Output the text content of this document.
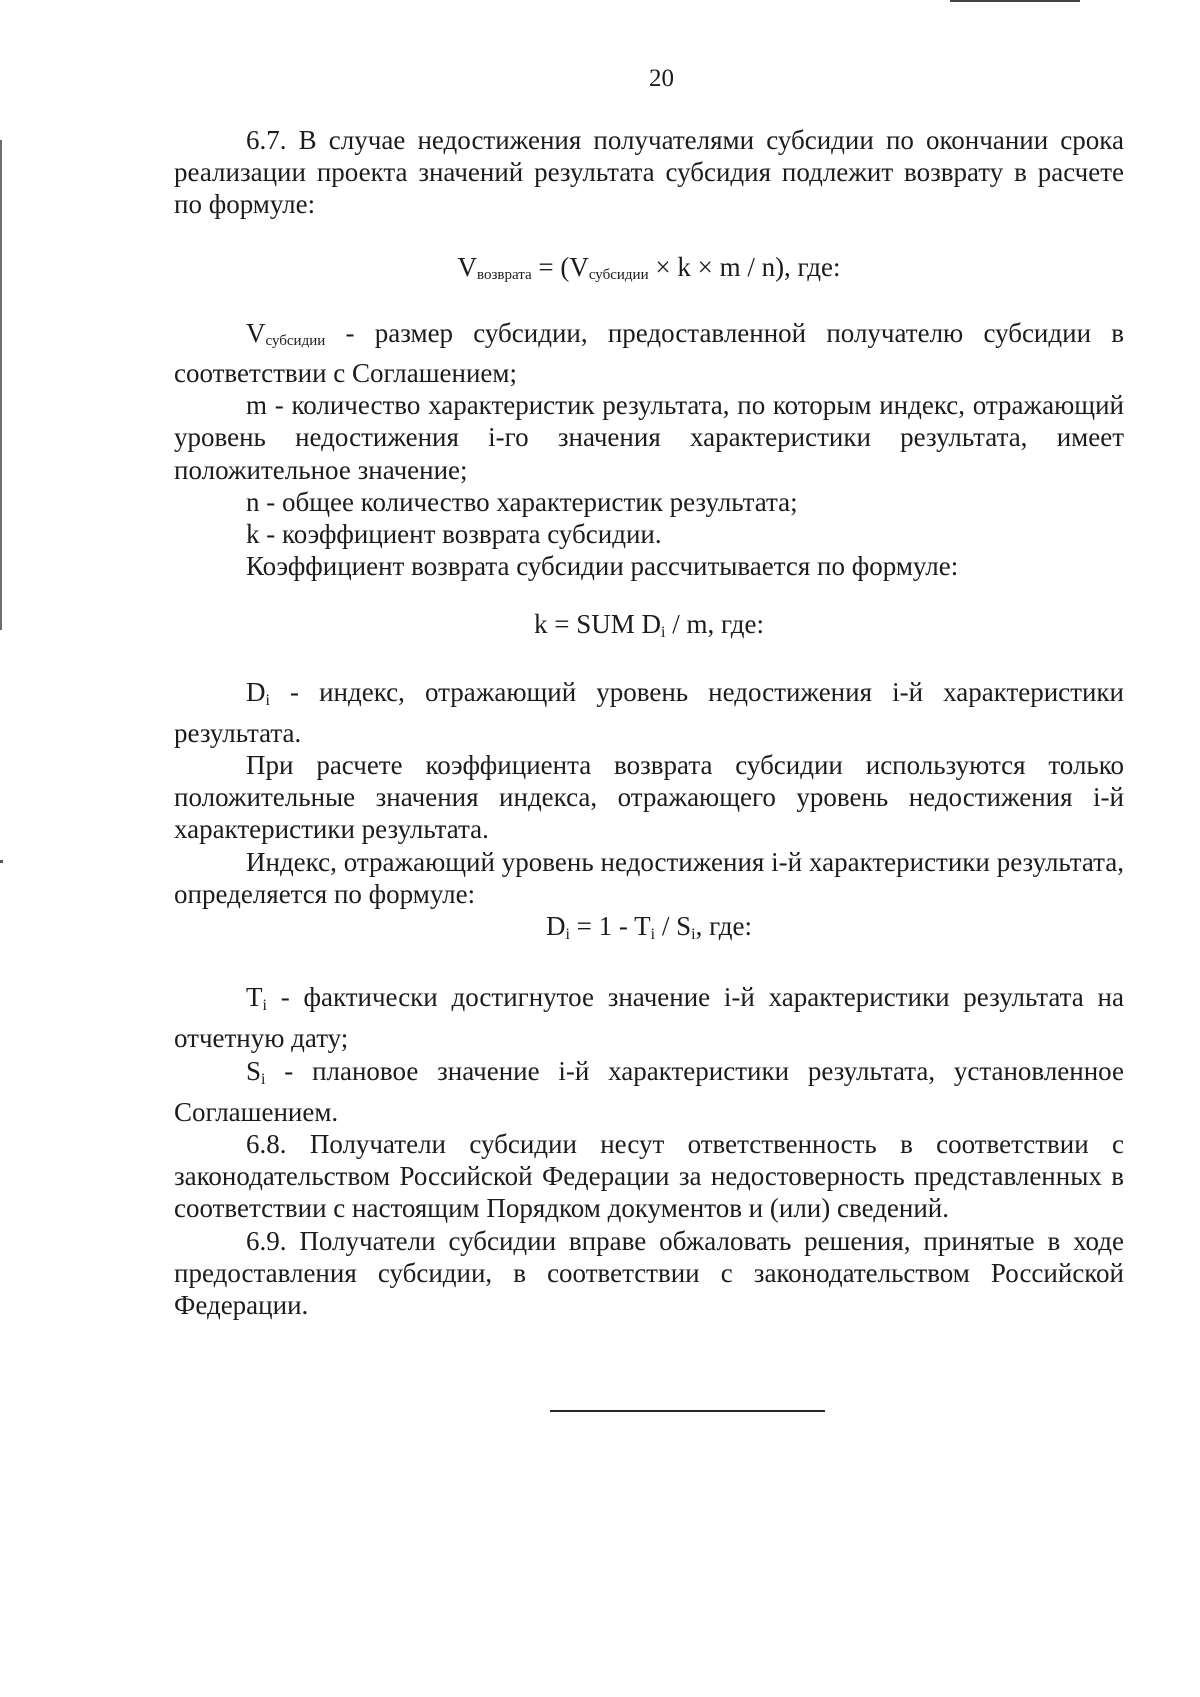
20

6.7. В случае недостижения получателями субсидии по окончании срока реализации проекта значений результата субсидия подлежит возврату в расчете по формуле:

$V_{возврата} = (V_{субсидии} \times k \times m / n)$, где:

$V_{субсидии}$ - размер субсидии, предоставленной получателю субсидии в соответствии с Соглашением;

m - количество характеристик результата, по которым индекс, отражающий уровень недостижения i-го значения характеристики результата, имеет положительное значение;

n - общее количество характеристик результата;

k - коэффициент возврата субсидии.

Коэффициент возврата субсидии рассчитывается по формуле:

k = SUM Di / m, где:

Di - индекс, отражающий уровень недостижения i-й характеристики результата.

При расчете коэффициента возврата субсидии используются только положительные значения индекса, отражающего уровень недостижения i-й характеристики результата.

Индекс, отражающий уровень недостижения i-й характеристики результата, определяется по формуле:

Di = 1 - Ti / Si, где:

Ti - фактически достигнутое значение i-й характеристики результата на отчетную дату;

Si - плановое значение i-й характеристики результата, установленное Соглашением.

6.8. Получатели субсидии несут ответственность в соответствии с законодательством Российской Федерации за недостоверность представленных в соответствии с настоящим Порядком документов и (или) сведений.

6.9. Получатели субсидии вправе обжаловать решения, принятые в ходе предоставления субсидии, в соответствии с законодательством Российской Федерации.
